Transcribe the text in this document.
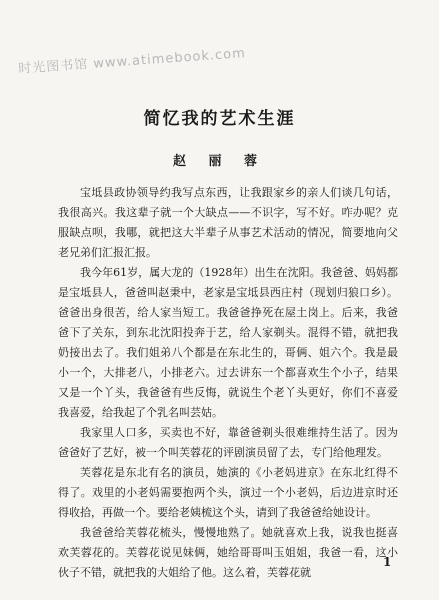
时光图书馆 www.atimebook.com
简忆我的艺术生涯
赵 丽 蓉

宝坻县政协领导约我写点东西，让我跟家乡的亲人们谈几句话，我很高兴。我这辈子就一个大缺点——不识字，写不好。咋办呢？克服缺点呗，我哪，就把这大半辈子从事艺术活动的情况，简要地向父老兄弟们汇报汇报。

我今年61岁，属大龙的（1928年）出生在沈阳。我爸爸、妈妈都是宝坻县人，爸爸叫赵秉中，老家是宝坻县西庄村（现划归狼口乡）。爸爸出身很苦，给人家当短工。我爸爸挣死在屋土岗上。后来，我爸爸下了关东，到东北沈阳投奔于艺，给人家剃头。混得不错，就把我奶接出去了。我们姐弟八个都是在东北生的，哥俩、姐六个。我是最小一个，大排老八，小排老六。过去讲东一个都喜欢生个小子，结果又是一个丫头，我爸爸有些反悔，就说生个老丫头更好，你们不喜爱我喜爱，给我起了个乳名叫芸姑。

我家里人口多，买卖也不好，靠爸爸剃头很难维持生活了。因为爸爸好了艺好，被一个叫芙蓉花的评剧演员留了去，专门给他理发。

芙蓉花是东北有名的演员，她演的《小老妈进京》在东北红得不得了。戏里的小老妈需要抱两个头，演过一个小老妈，后边进京时还得收拾，再做一个。要给老姨梳这个头，请到了我爸爸给她设计。

我爸爸给芙蓉花梳头，慢慢地熟了。她就喜欢上我，说我也挺喜欢芙蓉花的。芙蓉花说见妹俩，她给哥哥叫玉姐姐，我爸一看，这小伙子不错，就把我的大姐给了他。这么着，芙蓉花就

1
